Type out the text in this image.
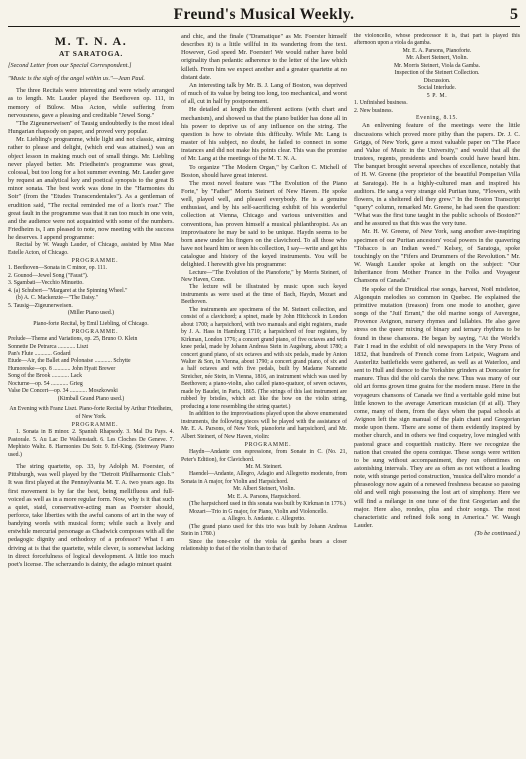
Freund's Musical Weekly.	5
M. T. N. A.
AT SARATOGA.

[Second Letter from our Special Correspondent.]

"Music is the sigh of the angel within us."—Jean Paul.

The three Recitals were interesting and were wisely arranged as to length. Mr. Lauder played the Beethoven op. 111, in memory of Bülow. Miss Acton, while suffering from nervousness, gave a pleasing and creditable "Jewel Song."

"The Zigeunerweisen" of Tausig undoubtedly is the most ideal Hungarian rhapsody on paper, and proved very popular.

Mr. Liebling's programme, while light and not classic, aiming rather to please and delight, (which end was attained,) was an object lesson in making much out of small things. Mr. Liebling never played better. Mr. Friedheim's programme was great, colossal, but too long for a hot summer evening. Mr. Lauder gave by request an analytical key and poetical synopsis to the great B minor sonata. The best work was done in the "Harmonies du Soir" (from the "Etudes Transcendentales"). As a gentleman of erudition said, "The recital reminded me of a lion's roar." The great fault in the programme was that it ran too much in one vein, and the audience were not acquainted with some of the numbers. Friedheim is, I am pleased to note, now meeting with the success he deserves. I append programme:

Recital by W. Waugh Lauder, of Chicago, assisted by Miss Mae Estelle Acton, of Chicago.

PROGRAMME.

1. Beethoven—Sonata in C minor, op. 111.
2. Gounod—Jewel Song ("Faust").
3. Sgambati—Vecchio Minuetto.
4. (a) Schubert—"Margaret at the Spinning Wheel."
(b) A. C. Mackenzie—"The Daisy."
5. Tausig—Zigeunerweisen.
(Miller Piano used.)

Piano-forte Recital, by Emil Liebling, of Chicago.

PROGRAMME.

Prelude—Theme and Variations, op. 25, Bruno O. Klein
Sonnette De Petrarca ............ Liszt
Pan's Flute ............ Godard
Etude—Air, the Ballet and Polonaise ............ Schytte
Humoreske—op. 8 ............ John Hyatt Brewer
Song of the Brook ............ Lack
Nocturne—op. 54 ............ Grieg
Valse De Concert—op. 34 ............ Moszkowski
(Kimball Grand Piano used.)

An Evening with Franz Liszt. Piano-forte Recital by Arthur Friedheim, of New York.

PROGRAMME.

1. Sonata in B minor. 2. Spanish Rhapsody. 3. Mal Du Pays. 4. Pastorale. 5. Au Lac De Wallenstadt. 6. Les Cloches De Geneve. 7. Mephisto Waltz. 8. Harmonies Du Soir. 9. Erl-King. (Steinway Piano used.)

The string quartette, op. 33, by Adolph M. Foerster, of Pittsburgh, was well played by the "Detroit Philharmonic Club." It was first played at the Pennsylvania M. T. A. two years ago. Its first movement is by far the best, being mellifluous and full-voiced as well as in a more regular form. Now, why is it that such a quiet, staid, conservative-acting man as Foerster should, perforce, take liberties with the awful canons of art in the way of bandying words with musical form; while such a lively and erstwhile mercurial personage as Chadwick composes with all the pedagogic dignity and orthodoxy of a professor? What I am driving at is that the quartette, while clever, is somewhat lacking in direct forcefulness of logical development. A little too much poet's license. The scherzando is dainty, the adagio minuet quaint

and chic, and the finale ("Dramatique" as Mr. Foerster himself describes it) is a little willful in its wandering from the text. However, God speed Mr. Foerster! We would rather have bold originality than pedantic adherence to the letter of the law which killeth. From him we expect another and a greater quartette at no distant date.

An interesting talk by Mr. B. J. Lang of Boston, was deprived of much of its value by being too long, too mechanical, and worst of all, cut in half by postponement.

He detailed at length the different actions (with chart and mechanism), and showed us that the piano builder has done all in his power to deprive us of any influence on the string. The question is how to obviate this difficulty. While Mr. Lang is master of his subject, no doubt, he failed to connect in some instances and did not make his points clear. This was the promise of Mr. Lang at the meetings of the M. T. N. A.

To organize "The Modern Organ," by Carlton C. Michell of Boston, should have great interest.

The most novel feature was "The Evolution of the Piano Forte," by "Father" Morris Steinert of New Haven. He spoke well, played well, and pleased everybody. He is a genuine enthusiast, and by his self-sacrificing exhibit of his wonderful collection at Vienna, Chicago and various universities and conventions, has proven himself a musical philanthropist. As an improvisatore he may be said to be unique. Haydn seems to be born anew under his fingers on the clavichord. To all those who have not heard him or seen his collection, I say—write and get his catalogue and history of the keyed instruments. You will be delighted. I herewith give his programme:

Lecture—"The Evolution of the Pianoforte," by Morris Steinert, of New Haven, Conn.

The lecture will be illustrated by music upon such keyed instruments as were used at the time of Bach, Haydn, Mozart and Beethoven.

The instruments are specimens of the M. Steinert collection, and consist of a clavichord; a spinet, made by John Hitchcock in London about 1700; a harpsichord, with two manuals and eight registers, made by J. A. Hass in Hamburg 1710; a harpsichord of four registers, by Kirkman, London 1776; a concert grand piano, of five octaves and with knee pedal, made by Johann Andreas Stein in Augsburg, about 1780; a concert grand piano, of six octaves and with six pedals, made by Anton Walter & Son, in Vienna, about 1790; a concert grand piano, of six and a half octaves and with five pedals, built by Madame Nannette Streicher, née Stein, in Vienna, 1816, an instrument which was used by Beethoven; a piano-violin, also called piano-quatuor, of seven octaves, made by Baudet, in Paris, 1865. (The strings of this last instrument are rubbed by bristles, which act like the bow on the violin string, producing a tone resembling the string quartet.)

In addition to the improvisations played upon the above enumerated instruments, the following pieces will be played with the assistance of Mr. E. A. Parsons, of New York, pianoforte and harpsichord, and Mr. Albert Steinert, of New Haven, violin:

PROGRAMME.

Haydn—Andante con espressione, from Sonate in C. (No. 21, Peter's Edition), for Clavichord.

Mr. M. Steinert.

Haendel—Andante, Allegro, Adagio and Allegretto moderato, from Sonata in A major, for Violin and Harpsichord.

Mr. Albert Steinert, Violin.

Mr. E. A. Parsons, Harpsichord.

(The harpsichord used in this sonata was built by Kirkman in 1776.)

Mozart—Trio in G major, for Piano, Violin and Violoncello.

a. Allegro. b. Andante. c. Allegretto.

(The grand piano used for this trio was built by Johann Andreas Stein in 1780.)

Since the tone-color of the viola da gamba bears a closer relationship to that of the violin than to that of

the violoncello, whose predecessor it is, that part is played this afternoon upon a viola da gamba.

Mr. E. A. Parsons, Pianoforte.

Mr. Albert Steinert, Violin.

Mr. Morris Steinert, Viola da Gamba.

Inspection of the Steinert Collection.

Discussion.

Social Interlude.

5 P. M.

1. Unfinished business.

2. New business.

Evening, 8.15.

An enlivening feature of the meetings were the little discussions which proved more pithy than the papers. Dr. J. C. Griggs, of New York, gave a most valuable paper on "The Place and Value of Music in the University," and would that all the trustees, regents, presidents and boards could have heard him. The banquet brought several speeches of excellence, notably that of H. W. Greene (the proprietor of the beautiful Pompeiian Villa at Saratoga). He is a highly-cultured man and inspired his auditors. He sang a very strange old Puritan tune, "Flowers, with flowers, in a sheltered dell they grew." In the Boston Transcript "query" column, remarked Mr. Greene, he had seen the question: "What was the first tune taught in the public schools of Boston?" and he assured us that this was the very tune.

Mr. H. W. Greene, of New York, sang another awe-inspiring specimen of our Puritan ancestors' vocal powers in the quavering "Tobacco is an Indian weed." Kelsey, of Saratoga, spoke touchingly on the "Fifers and Drummers of the Revolution." Mr. W. Waugh Lauder spoke at length on the subject: "Our Inheritance from Mother France in the Folks and Voyageur Chansons of Canada."

He spoke of the Druidical rise songs, harvest, Noël mistletoe, Algonquin melodies so common in Quebec. He explained the primitive mutation (treason) from one mode to another, gave songs of the "Juif Errant," the old marine songs of Auvergne, Provence Avignon, nursery rhymes and lullabies. He also gave stress on the queer mixing of binary and ternary rhythms to be found in these chansons. He began by saying, "At the World's Fair I read in the exhibit of old newspapers in the Very Press of 1832, that hundreds of French come from Leipsic, Wagram and Austerlitz battlefields were gathered, as well as at Waterloo, and sent to Hull and thence to the Yorkshire grinders at Doncaster for manure. Thus did the old carols the new. Thus was many of our old art forms grown time grains for the modern muse. Here in the voyageurs chansons of Canada we find a veritable gold mine but little known to the average American musician (if at all). They come, many of them, from the days when the papal schools at Avignon left the sign manual of the plain chant and Gregorian mode upon them. There are some of them evidently inspired by mother church, and in others we find coquetry, love mingled with pastoral grace and coquettish rusticity. Here we recognize the nation that created the opera comique. These songs were written to be sung without accompaniment, they run oftentimes on astonishing intervals. They are as often as not without a leading note, with strange period construction, 'musica dell'altro mondo' a phraseology now again of a renewed freshness because so passing old and well nigh possessing the lost art of simphony. Here we will find a mélange in one tune of the first Gregorian and the major. Here also, rondes, plus and choir songs. The most characteristic and refined folk song in America." W. Waugh Lauder.

(To be continued.)
